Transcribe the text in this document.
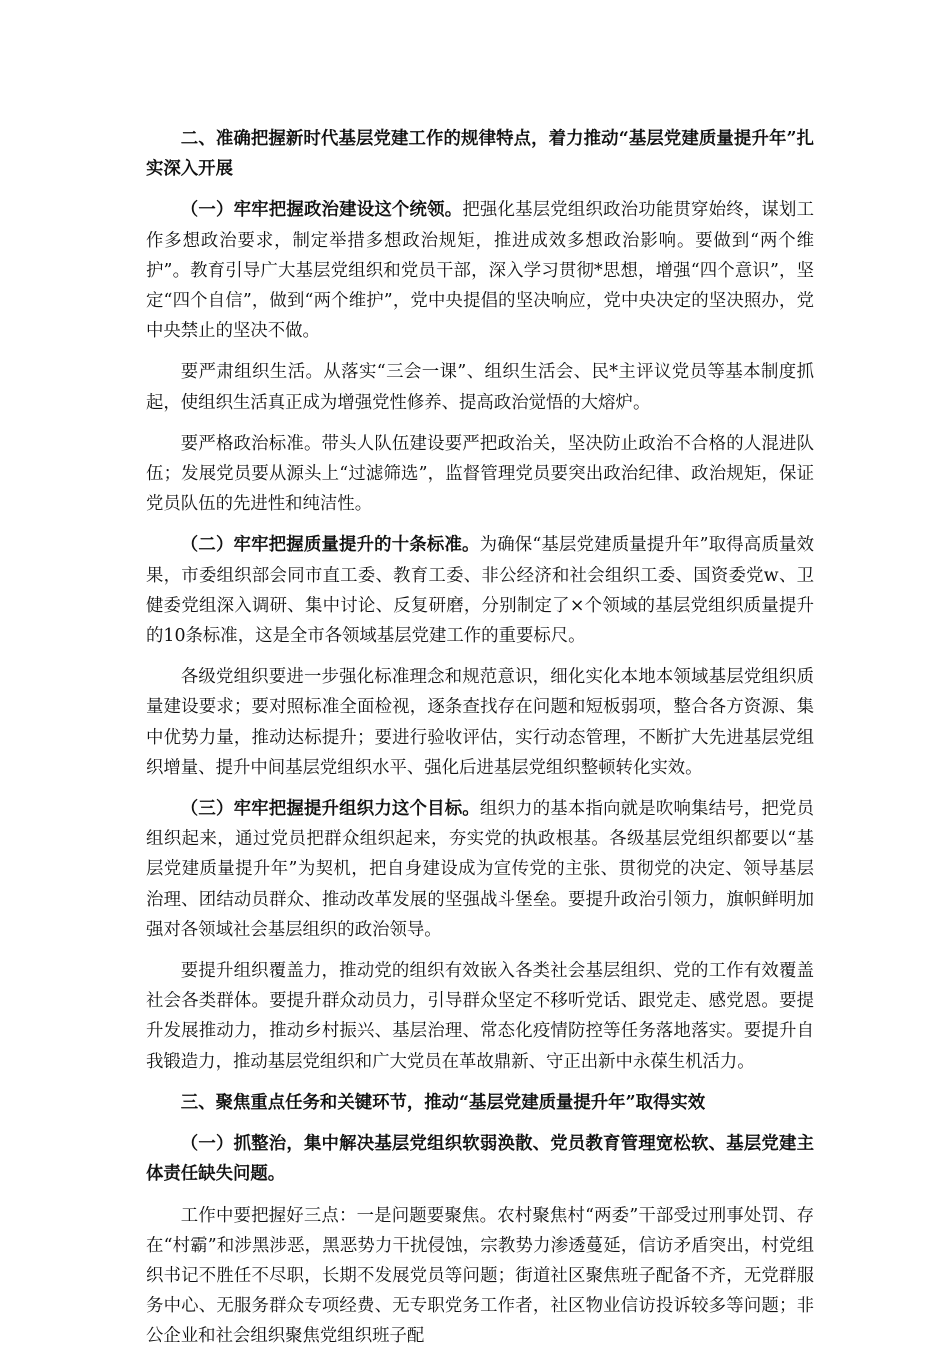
二、准确把握新时代基层党建工作的规律特点，着力推动“基层党建质量提升年”扎实深入开展

（一）牢牢把握政治建设这个统领。把强化基层党组织政治功能贯穿始终，谋划工作多想政治要求，制定举措多想政治规矩，推进成效多想政治影响。要做到“两个维护”。教育引导广大基层党组织和党员干部，深入学习贯彻*思想，增强“四个意识”，坚定“四个自信”，做到“两个维护”，党中央提倡的坚决响应，党中央决定的坚决照办，党中央禁止的坚决不做。

要严肃组织生活。从落实“三会一课”、组织生活会、民*主评议党员等基本制度抓起，使组织生活真正成为增强党性修养、提高政治觉悟的大熔炉。

要严格政治标准。带头人队伍建设要严把政治关，坚决防止政治不合格的人混进队伍；发展党员要从源头上“过滤筛选”，监督管理党员要突出政治纪律、政治规矩，保证党员队伍的先进性和纯洁性。

（二）牢牢把握质量提升的十条标准。为确保“基层党建质量提升年”取得高质量效果，市委组织部会同市直工委、教育工委、非公经济和社会组织工委、国资委党w、卫健委党组深入调研、集中讨论、反复研磨，分别制定了×个领域的基层党组织质量提升的10条标准，这是全市各领域基层党建工作的重要标尺。

各级党组织要进一步强化标准理念和规范意识，细化实化本地本领域基层党组织质量建设要求；要对照标准全面检视，逐条查找存在问题和短板弱项，整合各方资源、集中优势力量，推动达标提升；要进行验收评估，实行动态管理，不断扩大先进基层党组织增量、提升中间基层党组织水平、强化后进基层党组织整顿转化实效。

（三）牢牢把握提升组织力这个目标。组织力的基本指向就是吹响集结号，把党员组织起来，通过党员把群众组织起来，夯实党的执政根基。各级基层党组织都要以“基层党建质量提升年”为契机，把自身建设成为宣传党的主张、贯彻党的决定、领导基层治理、团结动员群众、推动改革发展的坚强战斗堡垒。要提升政治引领力，旗帜鲜明加强对各领域社会基层组织的政治领导。

要提升组织覆盖力，推动党的组织有效嵌入各类社会基层组织、党的工作有效覆盖社会各类群体。要提升群众动员力，引导群众坚定不移听党话、跟党走、感党恩。要提升发展推动力，推动乡村振兴、基层治理、常态化疫情防控等任务落地落实。要提升自我锻造力，推动基层党组织和广大党员在革故鼎新、守正出新中永葆生机活力。

三、聚焦重点任务和关键环节，推动“基层党建质量提升年”取得实效

（一）抓整治，集中解决基层党组织软弱涣散、党员教育管理宽松软、基层党建主体责任缺失问题。

工作中要把握好三点：一是问题要聚焦。农村聚焦村“两委”干部受过刑事处罚、存在“村霸”和涉黑涉恶，黑恶势力干扰侵蚀，宗教势力渗透蔓延，信访矛盾突出，村党组织书记不胜任不尽职，长期不发展党员等问题；街道社区聚焦班子配备不齐，无党群服务中心、无服务群众专项经费、无专职党务工作者，社区物业信访投诉较多等问题；非公企业和社会组织聚焦党组织班子配
